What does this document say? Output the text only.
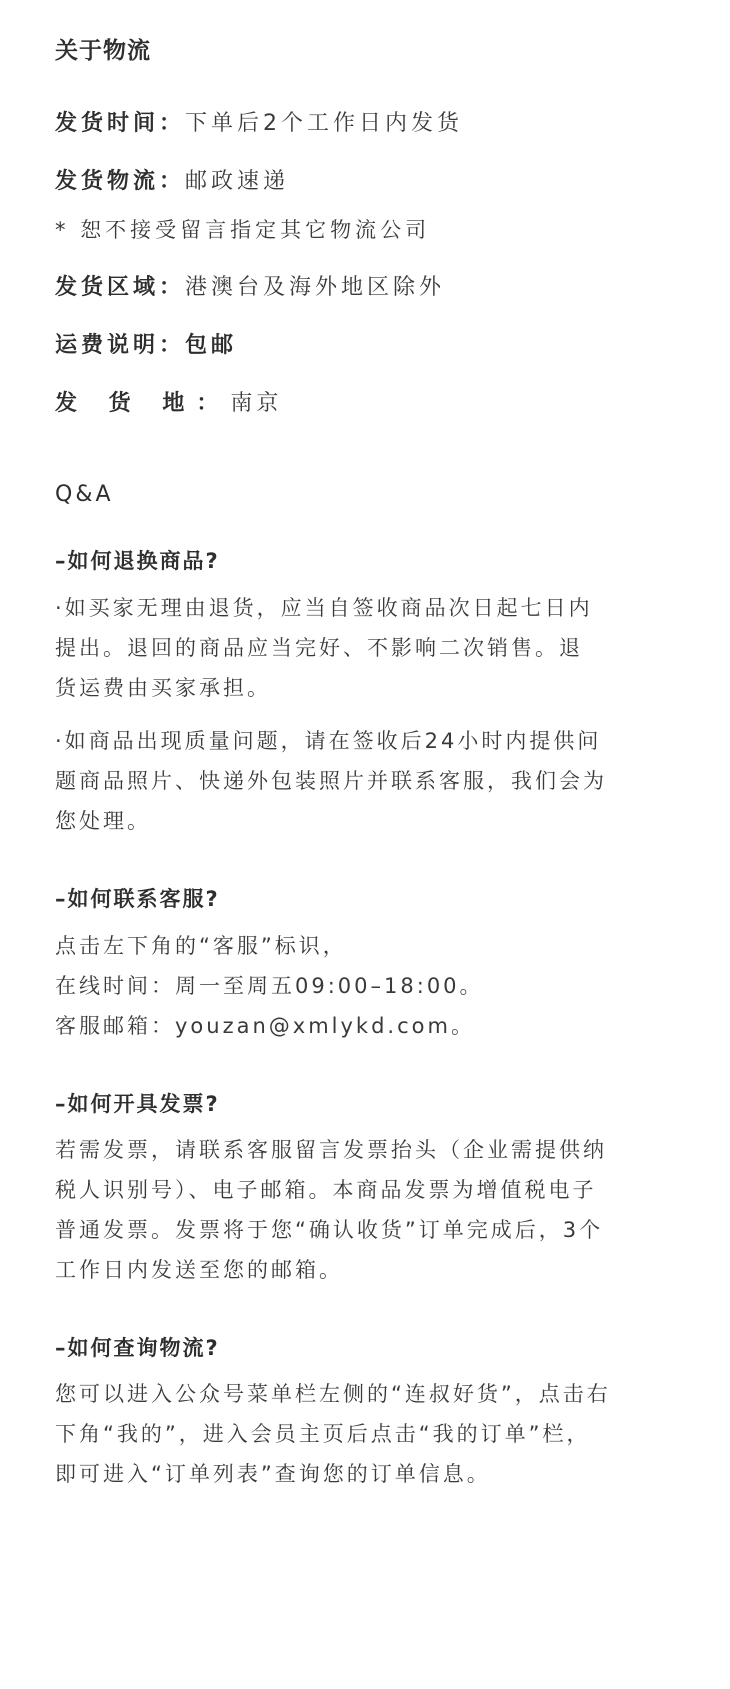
关于物流
发货时间：下单后2个工作日内发货
发货物流：邮政速递
* 恕不接受留言指定其它物流公司
发货区域：港澳台及海外地区除外
运费说明：包邮
发 货 地：南京
Q&A
–如何退换商品?
·如买家无理由退货，应当自签收商品次日起七日内
提出。退回的商品应当完好、不影响二次销售。退
货运费由买家承担。
·如商品出现质量问题，请在签收后24小时内提供问
题商品照片、快递外包装照片并联系客服，我们会为
您处理。
–如何联系客服?
点击左下角的“客服”标识，
在线时间：周一至周五09:00–18:00。
客服邮箱：youzan@xmlykd.com。
–如何开具发票?
若需发票，请联系客服留言发票抬头（企业需提供纳
税人识别号）、电子邮箱。本商品发票为增值税电子
普通发票。发票将于您“确认收货”订单完成后，3个
工作日内发送至您的邮箱。
–如何查询物流?
您可以进入公众号菜单栏左侧的“连叔好货”，点击右
下角“我的”，进入会员主页后点击“我的订单”栏，
即可进入“订单列表”查询您的订单信息。
